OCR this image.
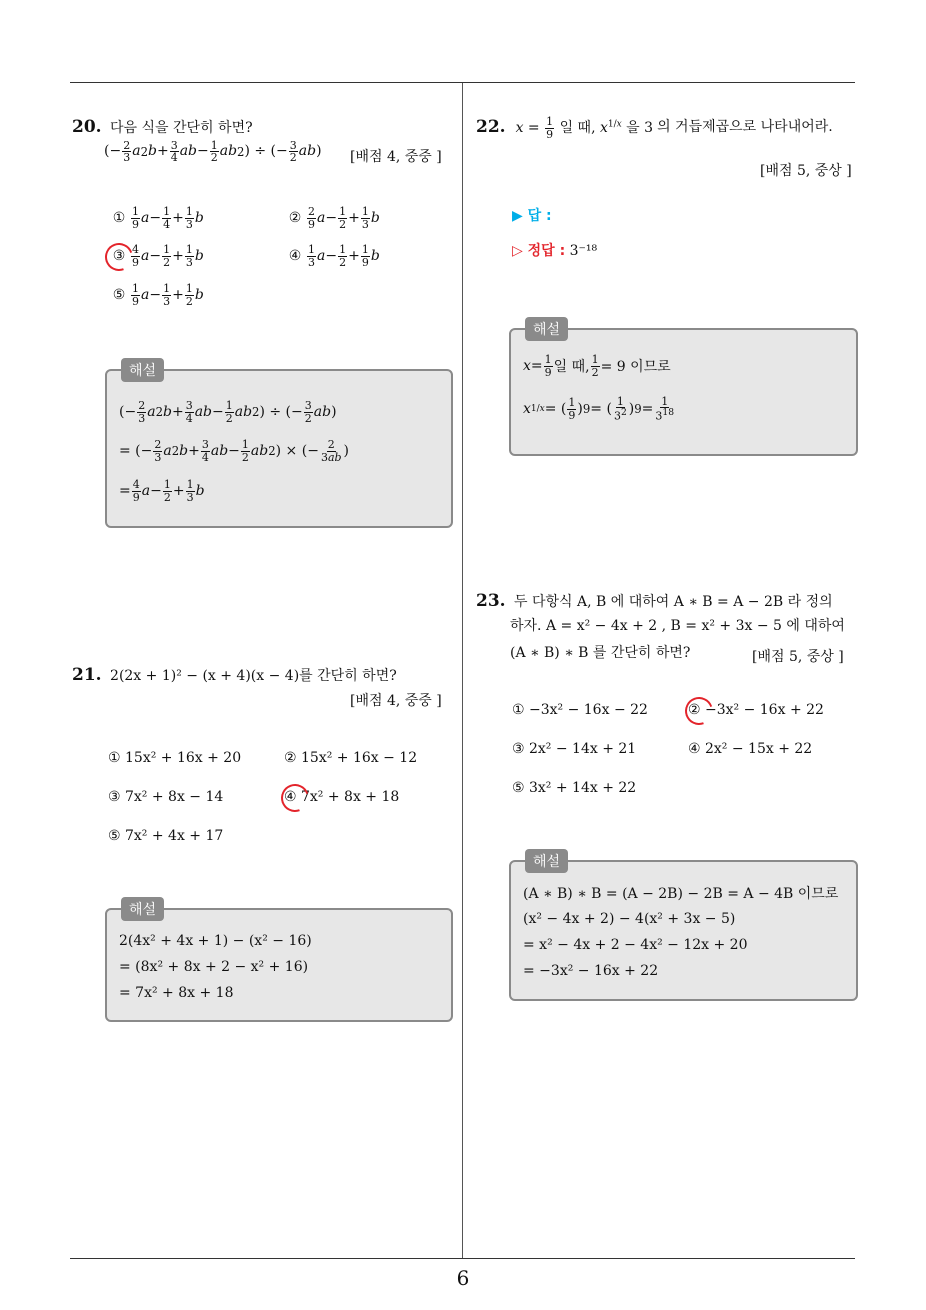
20. 다음 식을 간단히 하면?
(− $\frac{2}{3}$ a 2 $b + \frac{3}{4}$ ab − $\frac{1}{2}$ ab 2 ) ÷ (− $\frac{3}{2}$ ab ) [배점 4, 중중 ]
① $\frac{1}{9}$ $a - \frac{1}{4} + \frac{1}{3}$ b	② $\frac{2}{9}$ $a - \frac{1}{2} + \frac{1}{3}$ b
③ $\frac{4}{9}$ $a - \frac{1}{2} + \frac{1}{3}$ b	④ $\frac{1}{3}$ $a - \frac{1}{2} + \frac{1}{9}$ b
⑤ $\frac{1}{9}$ $a - \frac{1}{3} + \frac{1}{2}$ b
해설
(− $\frac{2}{3}$ a 2 $b + \frac{3}{4}$ ab − $\frac{1}{2}$ ab 2 ) ÷ (− $\frac{3}{2}$ ab )
= (− $\frac{2}{3}$ a 2 $b + \frac{3}{4}$ ab − $\frac{1}{2}$ ab 2 ) × (− $\frac{2}{3ab}$ )
= $\frac{4}{9}$ $a - \frac{1}{2} + \frac{1}{3}$ b
21. 2(2x + 1)² − (x + 4)(x − 4)를 간단히 하면?
[배점 4, 중중 ]
① 15x² + 16x + 20	② 15x² + 16x − 12
③ 7x² + 8x − 14	④ 7x² + 8x + 18
⑤ 7x² + 4x + 17
해설
2(4x² + 4x + 1) − (x² − 16)
= (8x² + 8x + 2 − x² + 16)
= 7x² + 8x + 18
22. $x = \frac{1}{9}$ 일 때, $x^{1/x}$ 을 3 의 거듭제곱으로 나타내어라.
[배점 5, 중상 ]
▶ 답 :
▷ 정답 : 3⁻¹⁸
해설
$x = \frac{1}{9}$ 일 때, $\frac{1}{2} = 9$ 이므로
x 1/x = ( $\frac{1}{9}$ ) 9 = ( $\frac{1}{3^2}$ ) $9 = \frac{1}{3^{18}}$
23. 두 다항식 A, B 에 대하여 A ∗ B = A − 2B 라 정의
하자. A = x² − 4x + 2 , B = x² + 3x − 5 에 대하여
(A ∗ B) ∗ B 를 간단히 하면?	[배점 5, 중상 ]
① −3x² − 16x − 22	② −3x² − 16x + 22
③ 2x² − 14x + 21	④ 2x² − 15x + 22
⑤ 3x² + 14x + 22
해설
(A ∗ B) ∗ B = (A − 2B) − 2B = A − 4B 이므로
(x² − 4x + 2) − 4(x² + 3x − 5)
= x² − 4x + 2 − 4x² − 12x + 20
= −3x² − 16x + 22
6
